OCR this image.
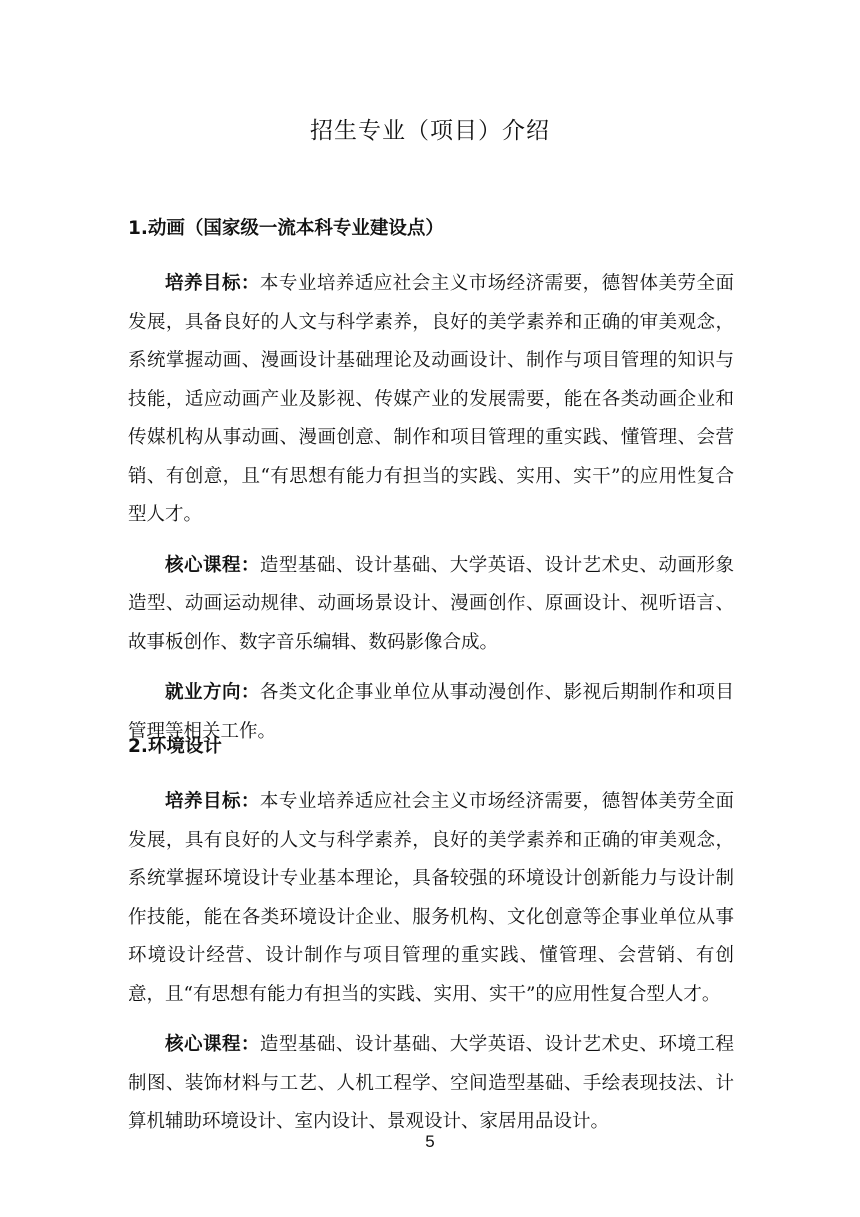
招生专业（项目）介绍
1.动画（国家级一流本科专业建设点）

培养目标：本专业培养适应社会主义市场经济需要，德智体美劳全面发展，具备良好的人文与科学素养，良好的美学素养和正确的审美观念，系统掌握动画、漫画设计基础理论及动画设计、制作与项目管理的知识与技能，适应动画产业及影视、传媒产业的发展需要，能在各类动画企业和传媒机构从事动画、漫画创意、制作和项目管理的重实践、懂管理、会营销、有创意，且“有思想有能力有担当的实践、实用、实干”的应用性复合型人才。

核心课程：造型基础、设计基础、大学英语、设计艺术史、动画形象造型、动画运动规律、动画场景设计、漫画创作、原画设计、视听语言、故事板创作、数字音乐编辑、数码影像合成。

就业方向：各类文化企事业单位从事动漫创作、影视后期制作和项目管理等相关工作。

2.环境设计

培养目标：本专业培养适应社会主义市场经济需要，德智体美劳全面发展，具有良好的人文与科学素养，良好的美学素养和正确的审美观念，系统掌握环境设计专业基本理论，具备较强的环境设计创新能力与设计制作技能，能在各类环境设计企业、服务机构、文化创意等企事业单位从事环境设计经营、设计制作与项目管理的重实践、懂管理、会营销、有创意，且“有思想有能力有担当的实践、实用、实干”的应用性复合型人才。

核心课程：造型基础、设计基础、大学英语、设计艺术史、环境工程制图、装饰材料与工艺、人机工程学、空间造型基础、手绘表现技法、计算机辅助环境设计、室内设计、景观设计、家居用品设计。

5
